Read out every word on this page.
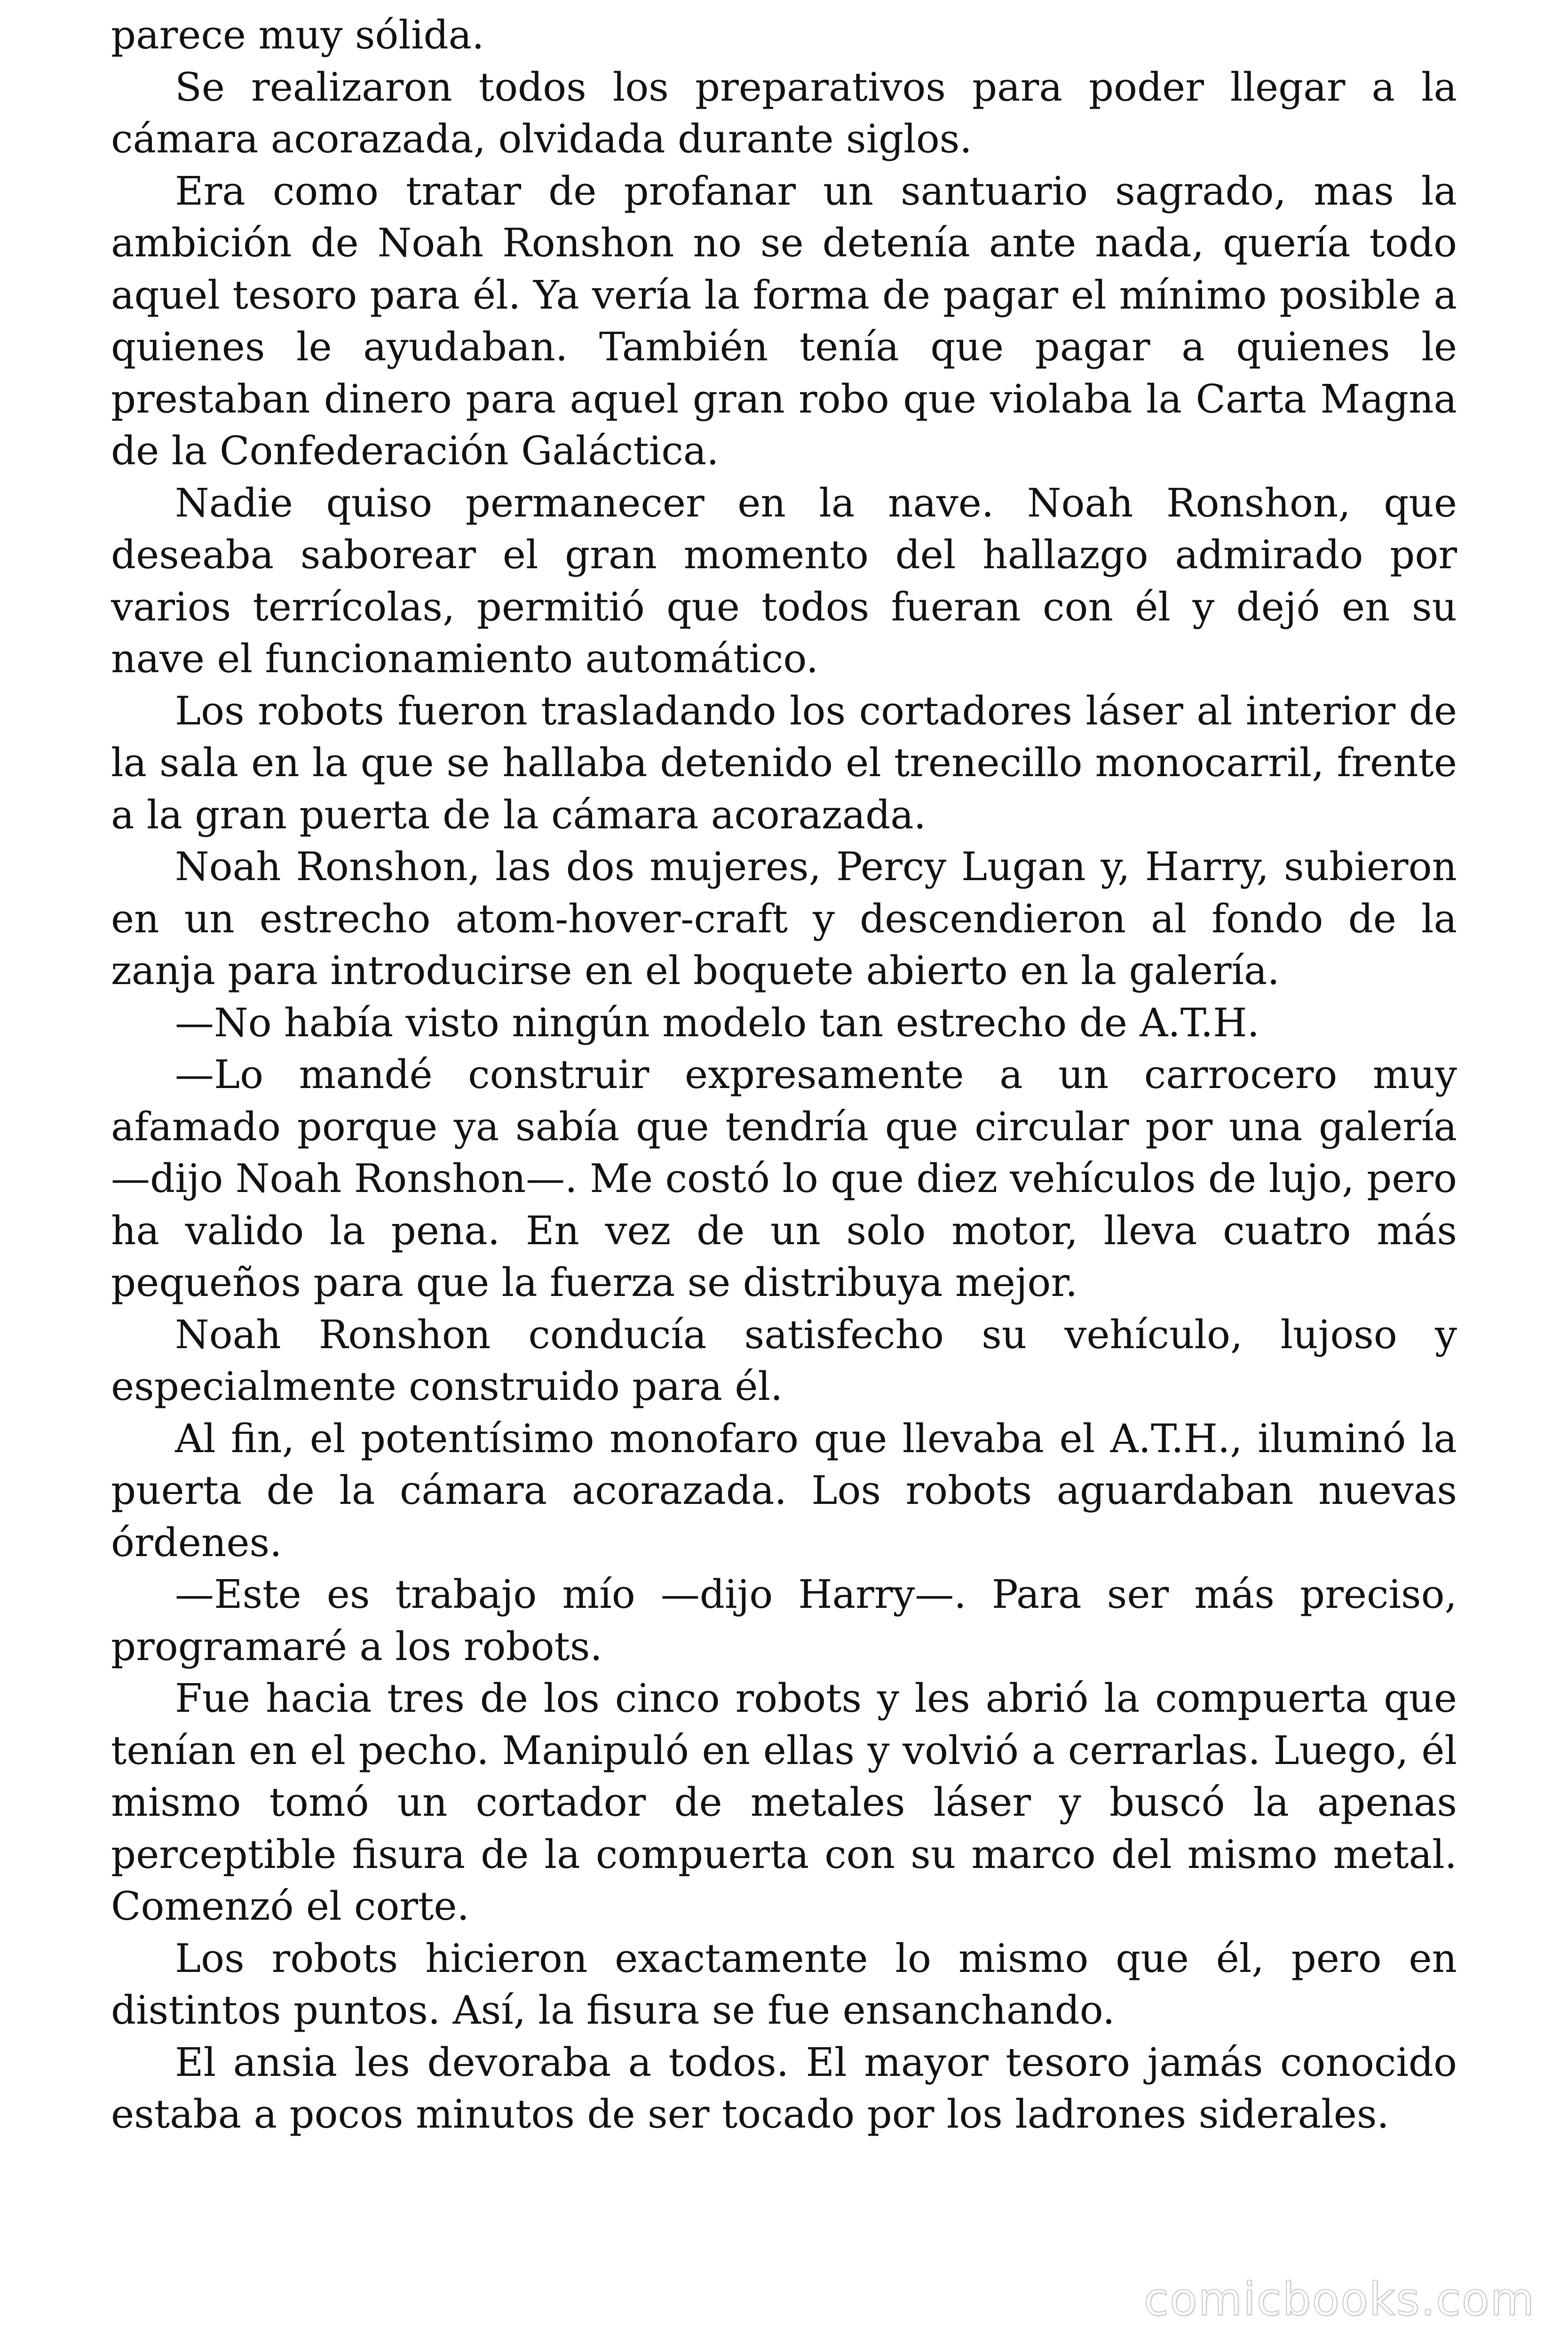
parece muy sólida.

Se realizaron todos los preparativos para poder llegar a la cámara acorazada, olvidada durante siglos.

Era como tratar de profanar un santuario sagrado, mas la ambición de Noah Ronshon no se detenía ante nada, quería todo aquel tesoro para él. Ya vería la forma de pagar el mínimo posible a quienes le ayudaban. También tenía que pagar a quienes le prestaban dinero para aquel gran robo que violaba la Carta Magna de la Confederación Galáctica.

Nadie quiso permanecer en la nave. Noah Ronshon, que deseaba saborear el gran momento del hallazgo admirado por varios terrícolas, permitió que todos fueran con él y dejó en su nave el funcionamiento automático.

Los robots fueron trasladando los cortadores láser al interior de la sala en la que se hallaba detenido el trenecillo monocarril, frente a la gran puerta de la cámara acorazada.

Noah Ronshon, las dos mujeres, Percy Lugan y, Harry, subieron en un estrecho atom-hover-craft y descendieron al fondo de la zanja para introducirse en el boquete abierto en la galería.

—No había visto ningún modelo tan estrecho de A.T.H.

—Lo mandé construir expresamente a un carrocero muy afamado porque ya sabía que tendría que circular por una galería —dijo Noah Ronshon—. Me costó lo que diez vehículos de lujo, pero ha valido la pena. En vez de un solo motor, lleva cuatro más pequeños para que la fuerza se distribuya mejor.

Noah Ronshon conducía satisfecho su vehículo, lujoso y especialmente construido para él.

Al fin, el potentísimo monofaro que llevaba el A.T.H., iluminó la puerta de la cámara acorazada. Los robots aguardaban nuevas órdenes.

—Este es trabajo mío —dijo Harry—. Para ser más preciso, programaré a los robots.

Fue hacia tres de los cinco robots y les abrió la compuerta que tenían en el pecho. Manipuló en ellas y volvió a cerrarlas. Luego, él mismo tomó un cortador de metales láser y buscó la apenas perceptible fisura de la compuerta con su marco del mismo metal. Comenzó el corte.

Los robots hicieron exactamente lo mismo que él, pero en distintos puntos. Así, la fisura se fue ensanchando.

El ansia les devoraba a todos. El mayor tesoro jamás conocido estaba a pocos minutos de ser tocado por los ladrones siderales.

comicbooks.com
